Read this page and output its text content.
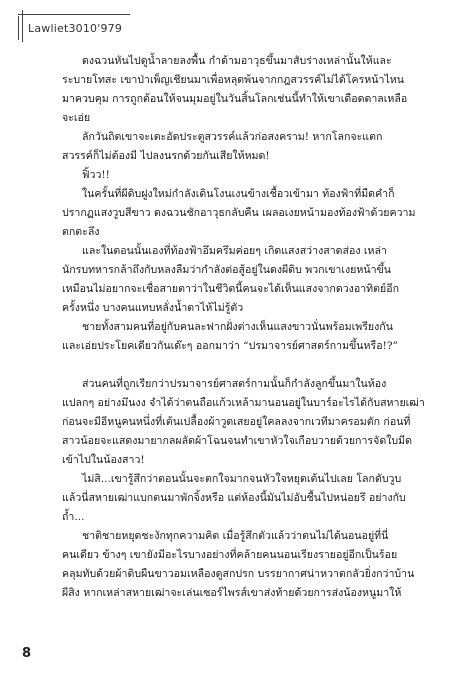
Lawliet3010'979
ดงฉวนหันไปดูน้ำลายลงพื้น กำด้ามอาวุธขึ้นมาสับร่างเหล่านั้นให้และ
ระบายโทสะ เขาป่าเพ็ญเชียนมาเพื่อหลุดพ้นจากกฎสวรรค์ไม่ได้โครหน้าไหน
มาควบคุม การถูกต้อนให้จนมุมอยู่ในวันสิ้นโลกเช่นนี้ทำให้เขาเดือดดาลเหลือ
จะเอ่ย
ลักวันถิตเขาจะเตะอัดประตูสวรรค์แล้วก่อสงคราม! หากโลกจะแตก
สวรรค์ก็ไม่ต้องมี ไปลงนรกด้วยกันเสียให้หมด!
ฟิ้วว!!
ในครั้นที่ผีดิบฝูงใหม่กำลังเดินโงนเงนข้างเชื้อวเข้ามา ท้องฟ้าที่มืดคำก็
ปรากฏแสงวูบสีขาว ดงฉวนชักอาวุธกลับคืน เผลอเงยหน้ามองท้องฟ้าด้วยความ
ตกตะลึง
และในตอนนั้นเองที่ท้องฟ้าอึมครึมค่อยๆ เกิดแสงสว่างสาดส่อง เหล่า
นักรบทหารกล้าถึงกับหลงลืมว่ากำลังต่อสู้อยู่ในดงผีดิบ พวกเขาเงยหน้าขึ้น
เหมือนไม่อยากจะเชื่อสายตาว่าในชีวิตนี้คนจะได้เห็นแสงจากดวงอาทิตย์อีก
ครั้งหนึ่ง บางคนแทบหลั่งน้ำตาไห้ไม่รู้ตัว
ชายทั้งสามคนที่อยู่กับคนละฟากฝั่งต่างเห็นแสงขาวนั่นพร้อมเพรียงกัน
และเอ่ยประโยคเดียวกันเด๊ะๆ ออกมาว่า “ปรมาจารย์ศาสตร์กามขึ้นหรือ!?”
ส่วนคนที่ถูกเรียกว่าปรมาจารย์ศาสตร์กามนั้นก็กำลังลูกขึ้นมาในห้อง
แปลกๆ อย่างมึนงง จำได้ว่าตนถือแก้วเหล้ามานอนอยู่ในบาร์อะไรได้กับสหายเฒ่า
ก่อนจะมีอีหนูคนหนึ่งที่เต้นเปลื้องผ้าวูดเสยอยู่ใคลลงจากเวทีมาครอมตัก ก่อนที่
สาวน้อยจะแสดงมายากลผลัดผ้าโฉนจนทำเขาหัวใจเกือบวายด้วยการจัดใบมีด
เข้าไปในน้องสาว!
ไม่สิ...เขารู้สึกว่าตอนนั้นจะตกใจมากจนหัวใจหยุดเต้นไปเลย โลกดับวูบ
แล้วนี่สหายเฒ่าแบกตนมาพักจิ้งหรือ แต่ห้องนี้มันไม่อับชื้นไปหน่อยรึ อย่างกับ
ถ้ำ...
ชาติชายหยุดชะงักทุกความคิด เมื่อรู้สึกตัวแล้วว่าตนไม่ได้นอนอยู่ที่นี่
คนเดียว ข้างๆ เขายังมีอะไรบางอย่างที่คล้ายคนนอนเรียงรายอยู่อีกเป็นร้อย
คลุมทับด้วยผ้าดิบผืนขาวอมเหลืองดูสกปรก บรรยากาศน่าหวาดกลัวยิ่งกว่าบ้าน
ผีสิง หากเหล่าสหายเฒ่าจะเล่นเซอร์ไพรส์เขาส่งท้ายด้วยการส่งน้องหนูมาให้
8
